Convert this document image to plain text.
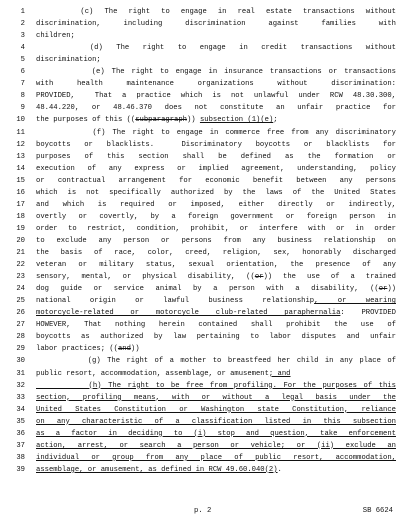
p. 2	SB 6624
1 (c)  The  right  to  engage  in  real  estate  transactions  without
2 discrimination,  including  discrimination  against  families  with
3 children;
4 (d)  The  right  to  engage  in  credit  transactions  without
5 discrimination;
6 (e) The right to engage in insurance transactions or transactions
7 with  health  maintenance  organizations  without  discrimination:
8 PROVIDED,  That a practice which is not unlawful under RCW 48.30.300,
9 48.44.220, or 48.46.370 does not constitute an unfair practice for
10 the purposes of this ((subparagraph)) subsection (1)(e);
11 (f) The right to engage in commerce free from any discriminatory
12 boycotts or blacklists.  Discriminatory boycotts or blacklists for
13 purposes of this section shall be defined as the formation or
14 execution of any express or implied agreement, understanding, policy
15 or contractual arrangement for economic benefit between any persons
16 which is not specifically authorized by the laws of the United States
17 and which is required or imposed, either directly or indirectly,
18 overtly or covertly, by a foreign government or foreign person in
19 order to restrict, condition, prohibit, or interfere with or in order
20 to exclude any person or persons from any business relationship on
21 the basis of race, color, creed, religion, sex, honorably discharged
22 veteran or military status, sexual orientation, the presence of any
23 sensory, mental, or physical disability, ((or)) the use of a trained
24 dog guide or service animal by a person with a disability, ((or))
25 national origin or lawful business relationship, or wearing
26 motorcycle-related or motorcycle club-related paraphernalia: PROVIDED
27 HOWEVER, That nothing herein contained shall prohibit the use of
28 boycotts as authorized by law pertaining to labor disputes and unfair
29 labor practices; ((and))
30 (g) The right of a mother to breastfeed her child in any place of
31 public resort, accommodation, assemblage, or amusement; and
32 (h) The right to be free from profiling. For the purposes of this
33 section, profiling means, with or without a legal basis under the
34 United States Constitution or Washington state Constitution, reliance
35 on any characteristic of a classification listed in this subsection
36 as a factor in deciding to (i) stop and question, take enforcement
37 action, arrest, or search a person or vehicle; or (ii) exclude an
38 individual or group from any place of public resort, accommodation,
39 assemblage, or amusement, as defined in RCW 49.60.040(2).
